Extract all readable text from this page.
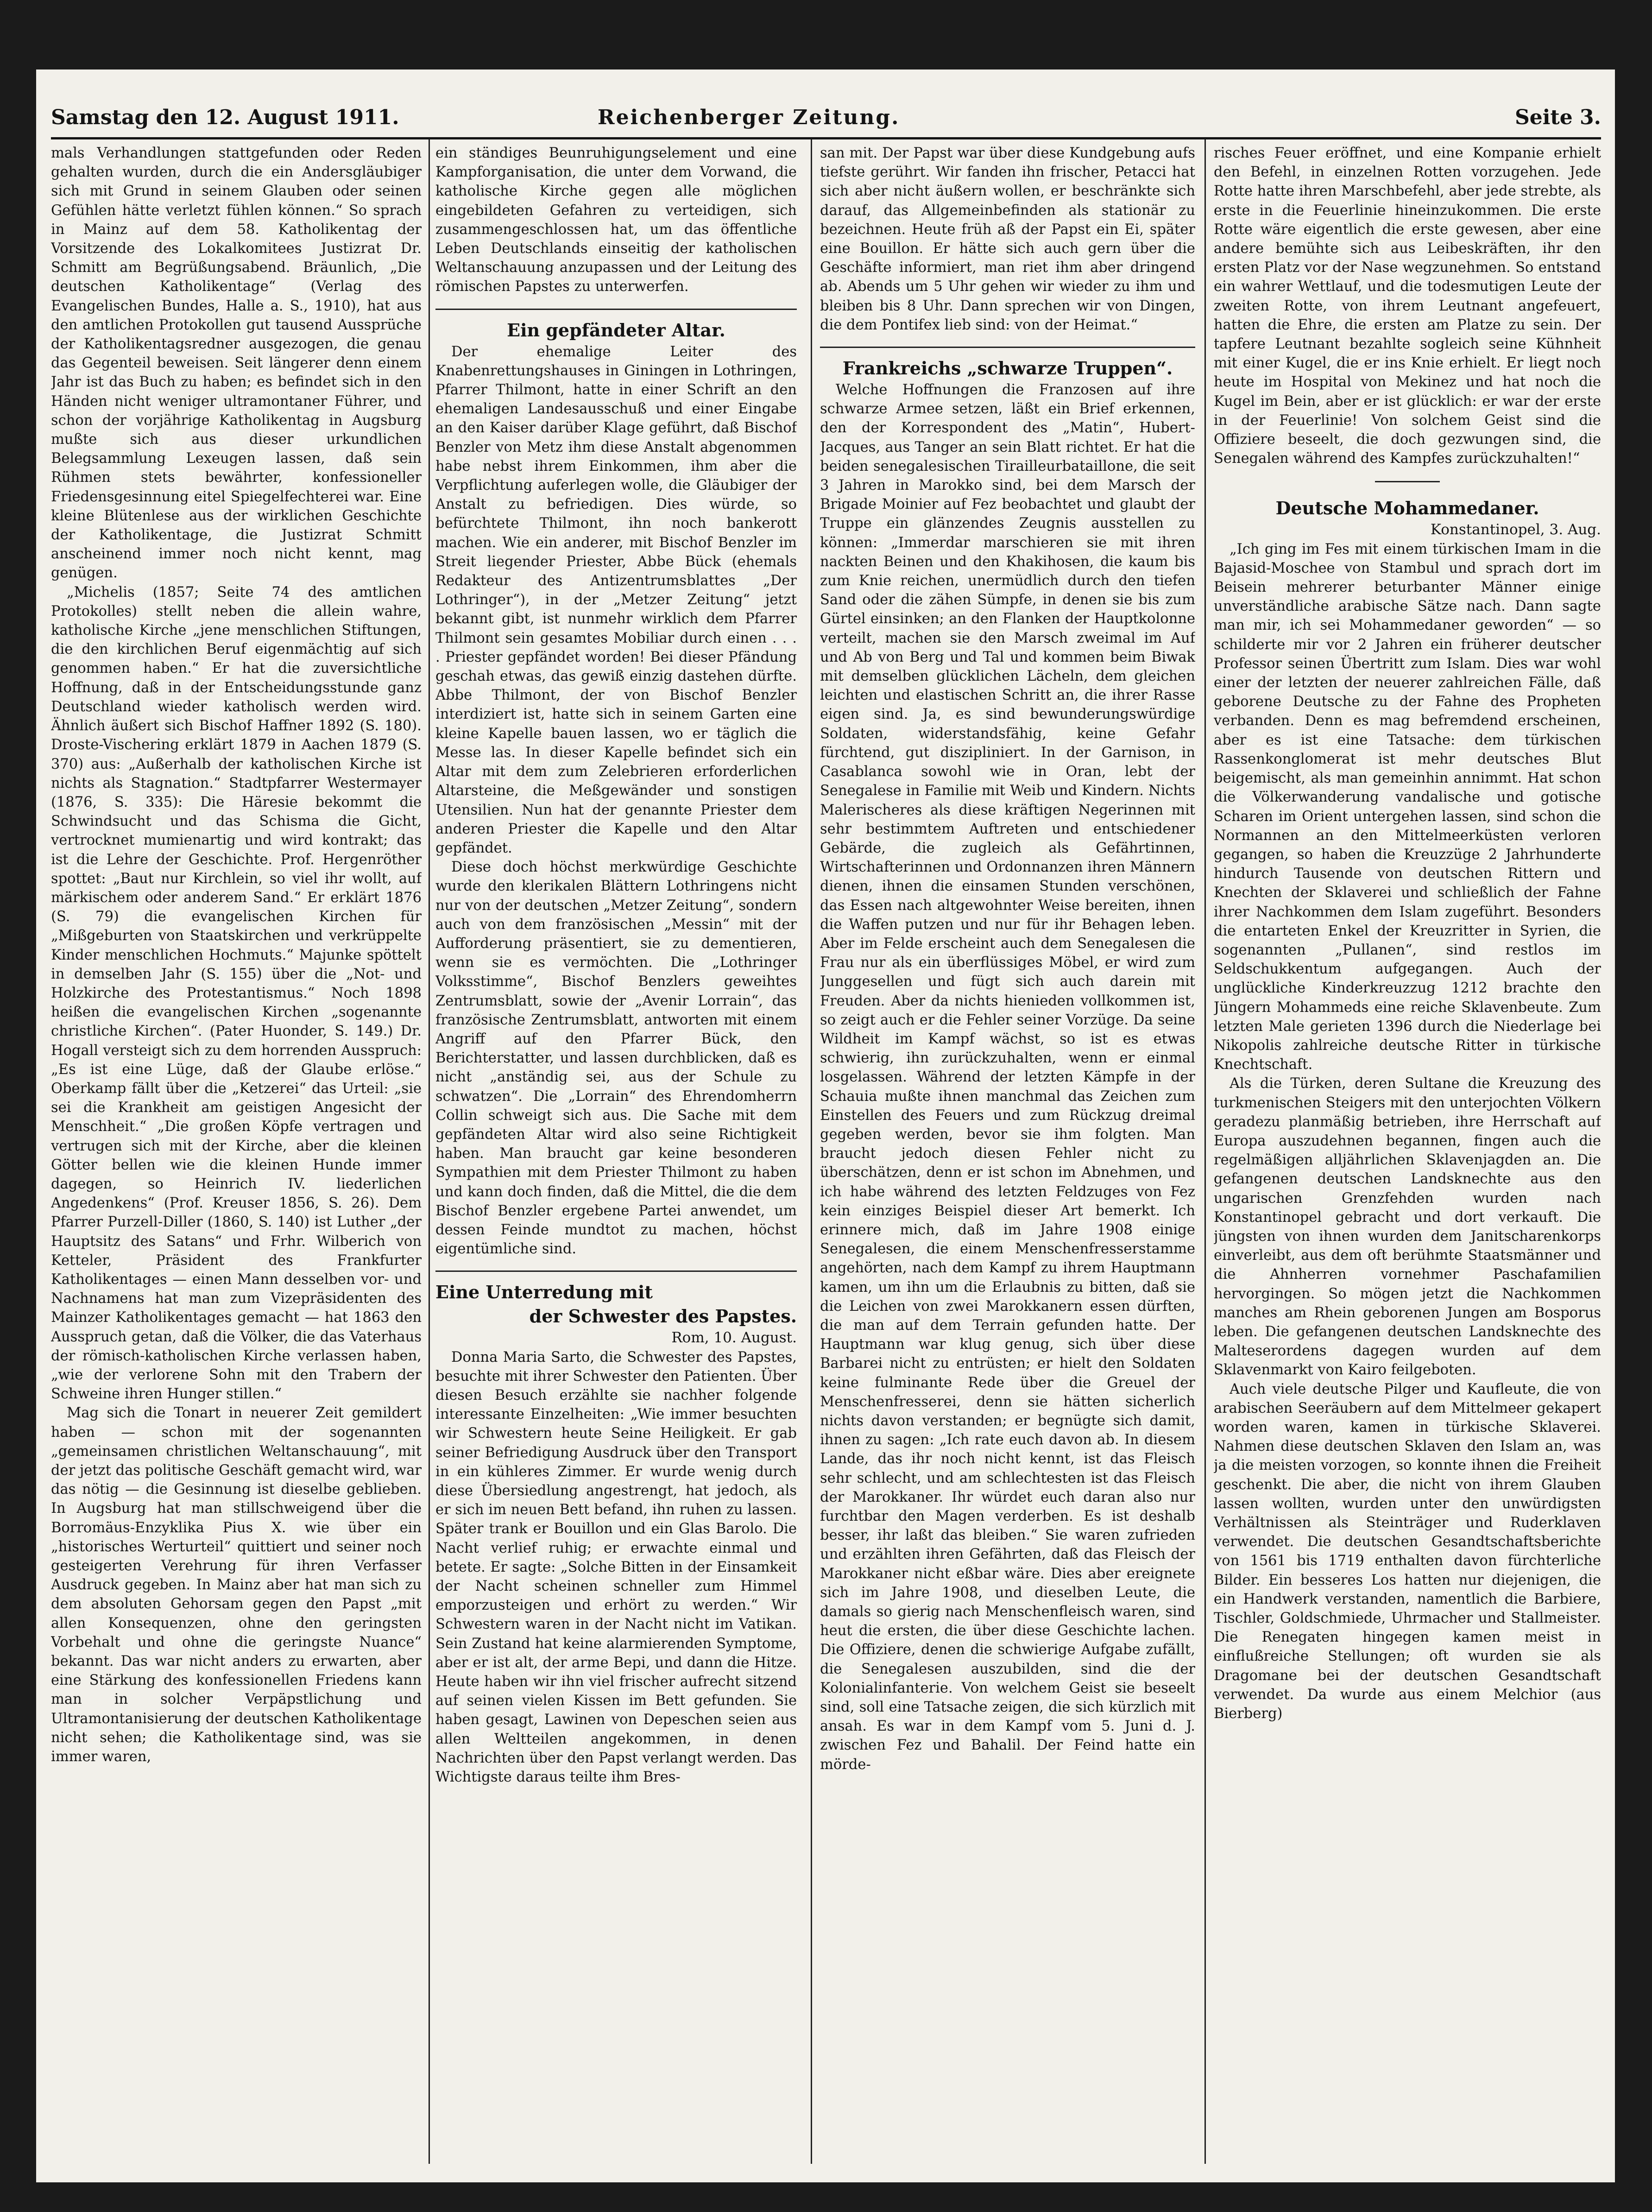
Samstag den 12. August 1911.	Reichenberger Zeitung.	Seite 3.

mals Verhandlungen stattgefunden oder Reden gehalten wurden, durch die ein Andersgläubiger sich mit Grund in seinem Glauben oder seinen Gefühlen hätte verletzt fühlen können.“ So sprach in Mainz auf dem 58. Katholikentag der Vorsitzende des Lokalkomitees Justizrat Dr. Schmitt am Begrüßungsabend. Bräunlich, „Die deutschen Katholikentage“ (Verlag des Evangelischen Bundes, Halle a. S., 1910), hat aus den amtlichen Protokollen gut tausend Aussprüche der Katholikentagsredner ausgezogen, die genau das Gegenteil beweisen. Seit längerer denn einem Jahr ist das Buch zu haben; es befindet sich in den Händen nicht weniger ultramontaner Führer, und schon der vorjährige Katholikentag in Augsburg mußte sich aus dieser urkundlichen Belegsammlung Lexeugen lassen, daß sein Rühmen stets bewährter, konfessioneller Friedensgesinnung eitel Spiegelfechterei war. Eine kleine Blütenlese aus der wirklichen Geschichte der Katholikentage, die Justizrat Schmitt anscheinend immer noch nicht kennt, mag genügen.

„Michelis (1857; Seite 74 des amtlichen Protokolles) stellt neben die allein wahre, katholische Kirche „jene menschlichen Stiftungen, die den kirchlichen Beruf eigenmächtig auf sich genommen haben.“ Er hat die zuversichtliche Hoffnung, daß in der Entscheidungsstunde ganz Deutschland wieder katholisch werden wird. Ähnlich äußert sich Bischof Haffner 1892 (S. 180). Droste-Vischering erklärt 1879 in Aachen 1879 (S. 370) aus: „Außerhalb der katholischen Kirche ist nichts als Stagnation.“ Stadtpfarrer Westermayer (1876, S. 335): Die Häresie bekommt die Schwindsucht und das Schisma die Gicht, vertrocknet mumienartig und wird kontrakt; das ist die Lehre der Geschichte. Prof. Hergenröther spottet: „Baut nur Kirchlein, so viel ihr wollt, auf märkischem oder anderem Sand.“ Er erklärt 1876 (S. 79) die evangelischen Kirchen für „Mißgeburten von Staatskirchen und verkrüppelte Kinder menschlichen Hochmuts.“ Majunke spöttelt in demselben Jahr (S. 155) über die „Not- und Holzkirche des Protestantismus.“ Noch 1898 heißen die evangelischen Kirchen „sogenannte christliche Kirchen“. (Pater Huonder, S. 149.) Dr. Hogall versteigt sich zu dem horrenden Ausspruch: „Es ist eine Lüge, daß der Glaube erlöse.“ Oberkamp fällt über die „Ketzerei“ das Urteil: „sie sei die Krankheit am geistigen Angesicht der Menschheit.“ „Die großen Köpfe vertragen und vertrugen sich mit der Kirche, aber die kleinen Götter bellen wie die kleinen Hunde immer dagegen, so Heinrich IV. liederlichen Angedenkens“ (Prof. Kreuser 1856, S. 26). Dem Pfarrer Purzell-Diller (1860, S. 140) ist Luther „der Hauptsitz des Satans“ und Frhr. Wilberich von Ketteler, Präsident des Frankfurter Katholikentages — einen Mann desselben vor- und Nachnamens hat man zum Vizepräsidenten des Mainzer Katholikentages gemacht — hat 1863 den Ausspruch getan, daß die Völker, die das Vaterhaus der römisch-katholischen Kirche verlassen haben, „wie der verlorene Sohn mit den Trabern der Schweine ihren Hunger stillen.“

Mag sich die Tonart in neuerer Zeit gemildert haben — schon mit der sogenannten „gemeinsamen christlichen Weltanschauung“, mit der jetzt das politische Geschäft gemacht wird, war das nötig — die Gesinnung ist dieselbe geblieben. In Augsburg hat man stillschweigend über die Borromäus-Enzyklika Pius X. wie über ein „historisches Werturteil“ quittiert und seiner noch gesteigerten Verehrung für ihren Verfasser Ausdruck gegeben. In Mainz aber hat man sich zu dem absoluten Gehorsam gegen den Papst „mit allen Konsequenzen, ohne den geringsten Vorbehalt und ohne die geringste Nuance“ bekannt. Das war nicht anders zu erwarten, aber eine Stärkung des konfessionellen Friedens kann man in solcher Verpäpstlichung und Ultramontanisierung der deutschen Katholikentage nicht sehen; die Katholikentage sind, was sie immer waren,

ein ständiges Beunruhigungselement und eine Kampforganisation, die unter dem Vorwand, die katholische Kirche gegen alle möglichen eingebildeten Gefahren zu verteidigen, sich zusammengeschlossen hat, um das öffentliche Leben Deutschlands einseitig der katholischen Weltanschauung anzupassen und der Leitung des römischen Papstes zu unterwerfen.

Ein gepfändeter Altar.

Der ehemalige Leiter des Knabenrettungshauses in Giningen in Lothringen, Pfarrer Thilmont, hatte in einer Schrift an den ehemaligen Landesausschuß und einer Eingabe an den Kaiser darüber Klage geführt, daß Bischof Benzler von Metz ihm diese Anstalt abgenommen habe nebst ihrem Einkommen, ihm aber die Verpflichtung auferlegen wolle, die Gläubiger der Anstalt zu befriedigen. Dies würde, so befürchtete Thilmont, ihn noch bankerott machen. Wie ein anderer, mit Bischof Benzler im Streit liegender Priester, Abbe Bück (ehemals Redakteur des Antizentrumsblattes „Der Lothringer“), in der „Metzer Zeitung“ jetzt bekannt gibt, ist nunmehr wirklich dem Pfarrer Thilmont sein gesamtes Mobiliar durch einen . . . . Priester gepfändet worden! Bei dieser Pfändung geschah etwas, das gewiß einzig dastehen dürfte. Abbe Thilmont, der von Bischof Benzler interdiziert ist, hatte sich in seinem Garten eine kleine Kapelle bauen lassen, wo er täglich die Messe las. In dieser Kapelle befindet sich ein Altar mit dem zum Zelebrieren erforderlichen Altarsteine, die Meßgewänder und sonstigen Utensilien. Nun hat der genannte Priester dem anderen Priester die Kapelle und den Altar gepfändet.

Diese doch höchst merkwürdige Geschichte wurde den klerikalen Blättern Lothringens nicht nur von der deutschen „Metzer Zeitung“, sondern auch von dem französischen „Messin“ mit der Aufforderung präsentiert, sie zu dementieren, wenn sie es vermöchten. Die „Lothringer Volksstimme“, Bischof Benzlers geweihtes Zentrumsblatt, sowie der „Avenir Lorrain“, das französische Zentrumsblatt, antworten mit einem Angriff auf den Pfarrer Bück, den Berichterstatter, und lassen durchblicken, daß es nicht „anständig sei, aus der Schule zu schwatzen“. Die „Lorrain“ des Ehrendomherrn Collin schweigt sich aus. Die Sache mit dem gepfändeten Altar wird also seine Richtigkeit haben. Man braucht gar keine besonderen Sympathien mit dem Priester Thilmont zu haben und kann doch finden, daß die Mittel, die die dem Bischof Benzler ergebene Partei anwendet, um dessen Feinde mundtot zu machen, höchst eigentümliche sind.

Eine Unterredung mit

der Schwester des Papstes.

Rom, 10. August.

Donna Maria Sarto, die Schwester des Papstes, besuchte mit ihrer Schwester den Patienten. Über diesen Besuch erzählte sie nachher folgende interessante Einzelheiten: „Wie immer besuchten wir Schwestern heute Seine Heiligkeit. Er gab seiner Befriedigung Ausdruck über den Transport in ein kühleres Zimmer. Er wurde wenig durch diese Übersiedlung angestrengt, hat jedoch, als er sich im neuen Bett befand, ihn ruhen zu lassen. Später trank er Bouillon und ein Glas Barolo. Die Nacht verlief ruhig; er erwachte einmal und betete. Er sagte: „Solche Bitten in der Einsamkeit der Nacht scheinen schneller zum Himmel emporzusteigen und erhört zu werden.“ Wir Schwestern waren in der Nacht nicht im Vatikan. Sein Zustand hat keine alarmierenden Symptome, aber er ist alt, der arme Bepi, und dann die Hitze. Heute haben wir ihn viel frischer aufrecht sitzend auf seinen vielen Kissen im Bett gefunden. Sie haben gesagt, Lawinen von Depeschen seien aus allen Weltteilen angekommen, in denen Nachrichten über den Papst verlangt werden. Das Wichtigste daraus teilte ihm Bres-

san mit. Der Papst war über diese Kundgebung aufs tiefste gerührt. Wir fanden ihn frischer, Petacci hat sich aber nicht äußern wollen, er beschränkte sich darauf, das Allgemeinbefinden als stationär zu bezeichnen. Heute früh aß der Papst ein Ei, später eine Bouillon. Er hätte sich auch gern über die Geschäfte informiert, man riet ihm aber dringend ab. Abends um 5 Uhr gehen wir wieder zu ihm und bleiben bis 8 Uhr. Dann sprechen wir von Dingen, die dem Pontifex lieb sind: von der Heimat.“

Frankreichs „schwarze Truppen“.

Welche Hoffnungen die Franzosen auf ihre schwarze Armee setzen, läßt ein Brief erkennen, den der Korrespondent des „Matin“, Hubert-Jacques, aus Tanger an sein Blatt richtet. Er hat die beiden senegalesischen Tirailleurbataillone, die seit 3 Jahren in Marokko sind, bei dem Marsch der Brigade Moinier auf Fez beobachtet und glaubt der Truppe ein glänzendes Zeugnis ausstellen zu können: „Immerdar marschieren sie mit ihren nackten Beinen und den Khakihosen, die kaum bis zum Knie reichen, unermüdlich durch den tiefen Sand oder die zähen Sümpfe, in denen sie bis zum Gürtel einsinken; an den Flanken der Hauptkolonne verteilt, machen sie den Marsch zweimal im Auf und Ab von Berg und Tal und kommen beim Biwak mit demselben glücklichen Lächeln, dem gleichen leichten und elastischen Schritt an, die ihrer Rasse eigen sind. Ja, es sind bewunderungswürdige Soldaten, widerstandsfähig, keine Gefahr fürchtend, gut diszipliniert. In der Garnison, in Casablanca sowohl wie in Oran, lebt der Senegalese in Familie mit Weib und Kindern. Nichts Malerischeres als diese kräftigen Negerinnen mit sehr bestimmtem Auftreten und entschiedener Gebärde, die zugleich als Gefährtinnen, Wirtschafterinnen und Ordonnanzen ihren Männern dienen, ihnen die einsamen Stunden verschönen, das Essen nach altgewohnter Weise bereiten, ihnen die Waffen putzen und nur für ihr Behagen leben. Aber im Felde erscheint auch dem Senegalesen die Frau nur als ein überflüssiges Möbel, er wird zum Junggesellen und fügt sich auch darein mit Freuden. Aber da nichts hienieden vollkommen ist, so zeigt auch er die Fehler seiner Vorzüge. Da seine Wildheit im Kampf wächst, so ist es etwas schwierig, ihn zurückzuhalten, wenn er einmal losgelassen. Während der letzten Kämpfe in der Schauia mußte ihnen manchmal das Zeichen zum Einstellen des Feuers und zum Rückzug dreimal gegeben werden, bevor sie ihm folgten. Man braucht jedoch diesen Fehler nicht zu überschätzen, denn er ist schon im Abnehmen, und ich habe während des letzten Feldzuges von Fez kein einziges Beispiel dieser Art bemerkt. Ich erinnere mich, daß im Jahre 1908 einige Senegalesen, die einem Menschenfresserstamme angehörten, nach dem Kampf zu ihrem Hauptmann kamen, um ihn um die Erlaubnis zu bitten, daß sie die Leichen von zwei Marokkanern essen dürften, die man auf dem Terrain gefunden hatte. Der Hauptmann war klug genug, sich über diese Barbarei nicht zu entrüsten; er hielt den Soldaten keine fulminante Rede über die Greuel der Menschenfresserei, denn sie hätten sicherlich nichts davon verstanden; er begnügte sich damit, ihnen zu sagen: „Ich rate euch davon ab. In diesem Lande, das ihr noch nicht kennt, ist das Fleisch sehr schlecht, und am schlechtesten ist das Fleisch der Marokkaner. Ihr würdet euch daran also nur furchtbar den Magen verderben. Es ist deshalb besser, ihr laßt das bleiben.“ Sie waren zufrieden und erzählten ihren Gefährten, daß das Fleisch der Marokkaner nicht eßbar wäre. Dies aber ereignete sich im Jahre 1908, und dieselben Leute, die damals so gierig nach Menschenfleisch waren, sind heut die ersten, die über diese Geschichte lachen. Die Offiziere, denen die schwierige Aufgabe zufällt, die Senegalesen auszubilden, sind die der Kolonialinfanterie. Von welchem Geist sie beseelt sind, soll eine Tatsache zeigen, die sich kürzlich mit ansah. Es war in dem Kampf vom 5. Juni d. J. zwischen Fez und Bahalil. Der Feind hatte ein mörde-

risches Feuer eröffnet, und eine Kompanie erhielt den Befehl, in einzelnen Rotten vorzugehen. Jede Rotte hatte ihren Marschbefehl, aber jede strebte, als erste in die Feuerlinie hineinzukommen. Die erste Rotte wäre eigentlich die erste gewesen, aber eine andere bemühte sich aus Leibeskräften, ihr den ersten Platz vor der Nase wegzunehmen. So entstand ein wahrer Wettlauf, und die todesmutigen Leute der zweiten Rotte, von ihrem Leutnant angefeuert, hatten die Ehre, die ersten am Platze zu sein. Der tapfere Leutnant bezahlte sogleich seine Kühnheit mit einer Kugel, die er ins Knie erhielt. Er liegt noch heute im Hospital von Mekinez und hat noch die Kugel im Bein, aber er ist glücklich: er war der erste in der Feuerlinie! Von solchem Geist sind die Offiziere beseelt, die doch gezwungen sind, die Senegalen während des Kampfes zurückzuhalten!“

Deutsche Mohammedaner.

Konstantinopel, 3. Aug.

„Ich ging im Fes mit einem türkischen Imam in die Bajasid-Moschee von Stambul und sprach dort im Beisein mehrerer beturbanter Männer einige unverständliche arabische Sätze nach. Dann sagte man mir, ich sei Mohammedaner geworden“ — so schilderte mir vor 2 Jahren ein früherer deutscher Professor seinen Übertritt zum Islam. Dies war wohl einer der letzten der neuerer zahlreichen Fälle, daß geborene Deutsche zu der Fahne des Propheten verbanden. Denn es mag befremdend erscheinen, aber es ist eine Tatsache: dem türkischen Rassenkonglomerat ist mehr deutsches Blut beigemischt, als man gemeinhin annimmt. Hat schon die Völkerwanderung vandalische und gotische Scharen im Orient untergehen lassen, sind schon die Normannen an den Mittelmeerküsten verloren gegangen, so haben die Kreuzzüge 2 Jahrhunderte hindurch Tausende von deutschen Rittern und Knechten der Sklaverei und schließlich der Fahne ihrer Nachkommen dem Islam zugeführt. Besonders die entarteten Enkel der Kreuzritter in Syrien, die sogenannten „Pullanen“, sind restlos im Seldschukkentum aufgegangen. Auch der unglückliche Kinderkreuzzug 1212 brachte den Jüngern Mohammeds eine reiche Sklavenbeute. Zum letzten Male gerieten 1396 durch die Niederlage bei Nikopolis zahlreiche deutsche Ritter in türkische Knechtschaft.

Als die Türken, deren Sultane die Kreuzung des turkmenischen Steigers mit den unterjochten Völkern geradezu planmäßig betrieben, ihre Herrschaft auf Europa auszudehnen begannen, fingen auch die regelmäßigen alljährlichen Sklavenjagden an. Die gefangenen deutschen Landsknechte aus den ungarischen Grenzfehden wurden nach Konstantinopel gebracht und dort verkauft. Die jüngsten von ihnen wurden dem Janitscharenkorps einverleibt, aus dem oft berühmte Staatsmänner und die Ahnherren vornehmer Paschafamilien hervorgingen. So mögen jetzt die Nachkommen manches am Rhein geborenen Jungen am Bosporus leben. Die gefangenen deutschen Landsknechte des Malteserordens dagegen wurden auf dem Sklavenmarkt von Kairo feilgeboten.

Auch viele deutsche Pilger und Kaufleute, die von arabischen Seeräubern auf dem Mittelmeer gekapert worden waren, kamen in türkische Sklaverei. Nahmen diese deutschen Sklaven den Islam an, was ja die meisten vorzogen, so konnte ihnen die Freiheit geschenkt. Die aber, die nicht von ihrem Glauben lassen wollten, wurden unter den unwürdigsten Verhältnissen als Steinträger und Ruderklaven verwendet. Die deutschen Gesandtschaftsberichte von 1561 bis 1719 enthalten davon fürchterliche Bilder. Ein besseres Los hatten nur diejenigen, die ein Handwerk verstanden, namentlich die Barbiere, Tischler, Goldschmiede, Uhrmacher und Stallmeister. Die Renegaten hingegen kamen meist in einflußreiche Stellungen; oft wurden sie als Dragomane bei der deutschen Gesandtschaft verwendet. Da wurde aus einem Melchior (aus Bierberg)
